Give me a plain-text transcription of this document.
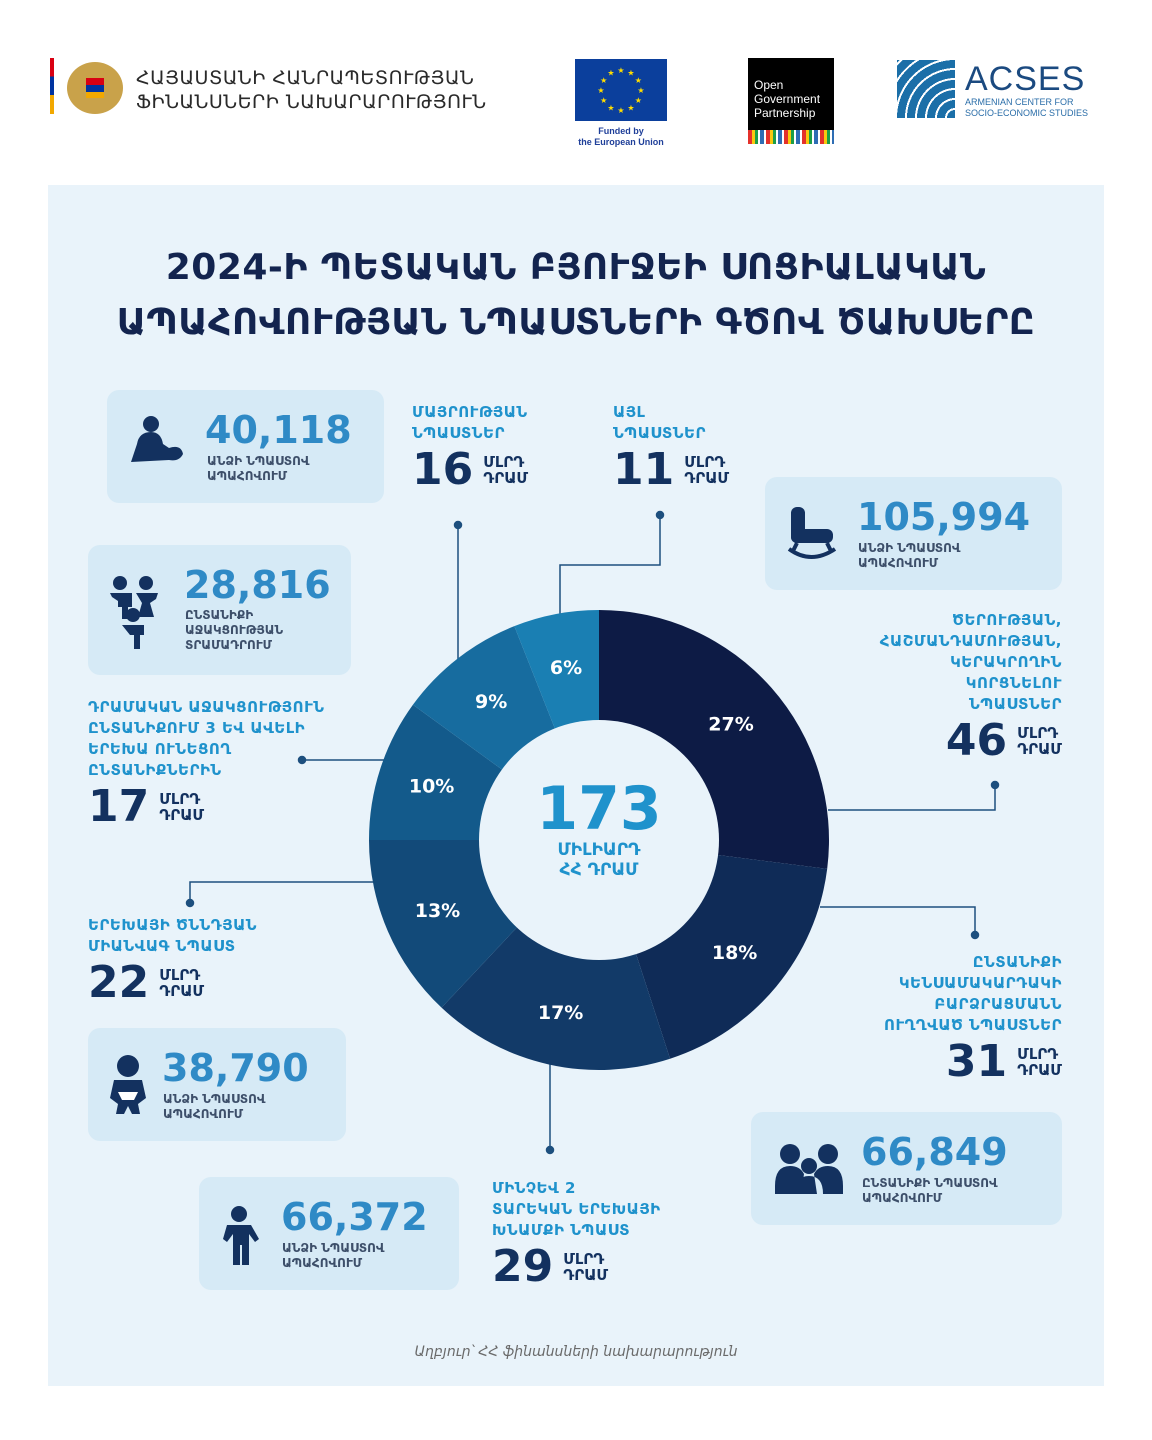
ՀԱՅԱՍՏԱՆԻ ՀԱՆՐԱՊԵՏՈՒԹՅԱՆ
ՖԻՆԱՆՍՆԵՐԻ ՆԱԽԱՐԱՐՈՒԹՅՈՒՆ
★
★
★
★
★
★
★
★
★ ★ ★
★
Funded by
the European Union
Open
Government
Partnership
ACSES
ARMENIAN CENTER FOR
SOCIO-ECONOMIC STUDIES
2024-Ի ՊԵՏԱԿԱՆ ԲՅՈՒՋԵԻ ՍՈՑԻԱԼԱԿԱՆ
ԱՊԱՀՈՎՈՒԹՅԱՆ ՆՊԱՍՏՆԵՐԻ ԳԾՈՎ ԾԱԽՍԵՐԸ
27%
18%
17%
13%
10%
9%
6%
173
ՄԻԼԻԱՐԴ
ՀՀ ԴՐԱՄ
ՄԱՅՐՈՒԹՅԱՆ
ՆՊԱՍՏՆԵՐ
16 ՄԼՐԴ
ԴՐԱՄ
ԱՅԼ
ՆՊԱՍՏՆԵՐ
11 ՄԼՐԴ
ԴՐԱՄ
ԾԵՐՈՒԹՅԱՆ,
ՀԱՇՄԱՆԴԱՄՈՒԹՅԱՆ,
ԿԵՐԱԿՐՈՂԻՆ
ԿՈՐՑՆԵԼՈՒ
ՆՊԱՍՏՆԵՐ
46 ՄԼՐԴ
ԴՐԱՄ
ԴՐԱՄԱԿԱՆ ԱՋԱԿՑՈՒԹՅՈՒՆ
ԸՆՏԱՆԻՔՈՒՄ 3 ԵՎ ԱՎԵԼԻ
ԵՐԵԽԱ ՈՒՆԵՑՈՂ
ԸՆՏԱՆԻՔՆԵՐԻՆ
17 ՄԼՐԴ
ԴՐԱՄ
ԵՐԵԽԱՅԻ ԾՆՆԴՅԱՆ
ՄԻԱՆՎԱԳ ՆՊԱՍՏ
22 ՄԼՐԴ
ԴՐԱՄ
ԸՆՏԱՆԻՔԻ
ԿԵՆՍԱՄԱԿԱՐԴԱԿԻ
ԲԱՐՁՐԱՑՄԱՆՆ
ՈՒՂՂՎԱԾ ՆՊԱՍՏՆԵՐ
31 ՄԼՐԴ
ԴՐԱՄ
ՄԻՆՉԵՎ 2
ՏԱՐԵԿԱՆ ԵՐԵԽԱՅԻ
ԽՆԱՄՔԻ ՆՊԱՍՏ
29 ՄԼՐԴ
ԴՐԱՄ
40,118
ԱՆՁԻ ՆՊԱՍՏՈՎ
ԱՊԱՀՈՎՈՒՄ
28,816
ԸՆՏԱՆԻՔԻ
ԱՋԱԿՑՈՒԹՅԱՆ
ՏՐԱՄԱԴՐՈՒՄ
105,994
ԱՆՁԻ ՆՊԱՍՏՈՎ
ԱՊԱՀՈՎՈՒՄ
38,790
ԱՆՁԻ ՆՊԱՍՏՈՎ
ԱՊԱՀՈՎՈՒՄ
66,372
ԱՆՁԻ ՆՊԱՍՏՈՎ
ԱՊԱՀՈՎՈՒՄ
66,849
ԸՆՏԱՆԻՔԻ ՆՊԱՍՏՈՎ
ԱՊԱՀՈՎՈՒՄ
Աղբյուր՝ ՀՀ ֆինանսների նախարարություն
